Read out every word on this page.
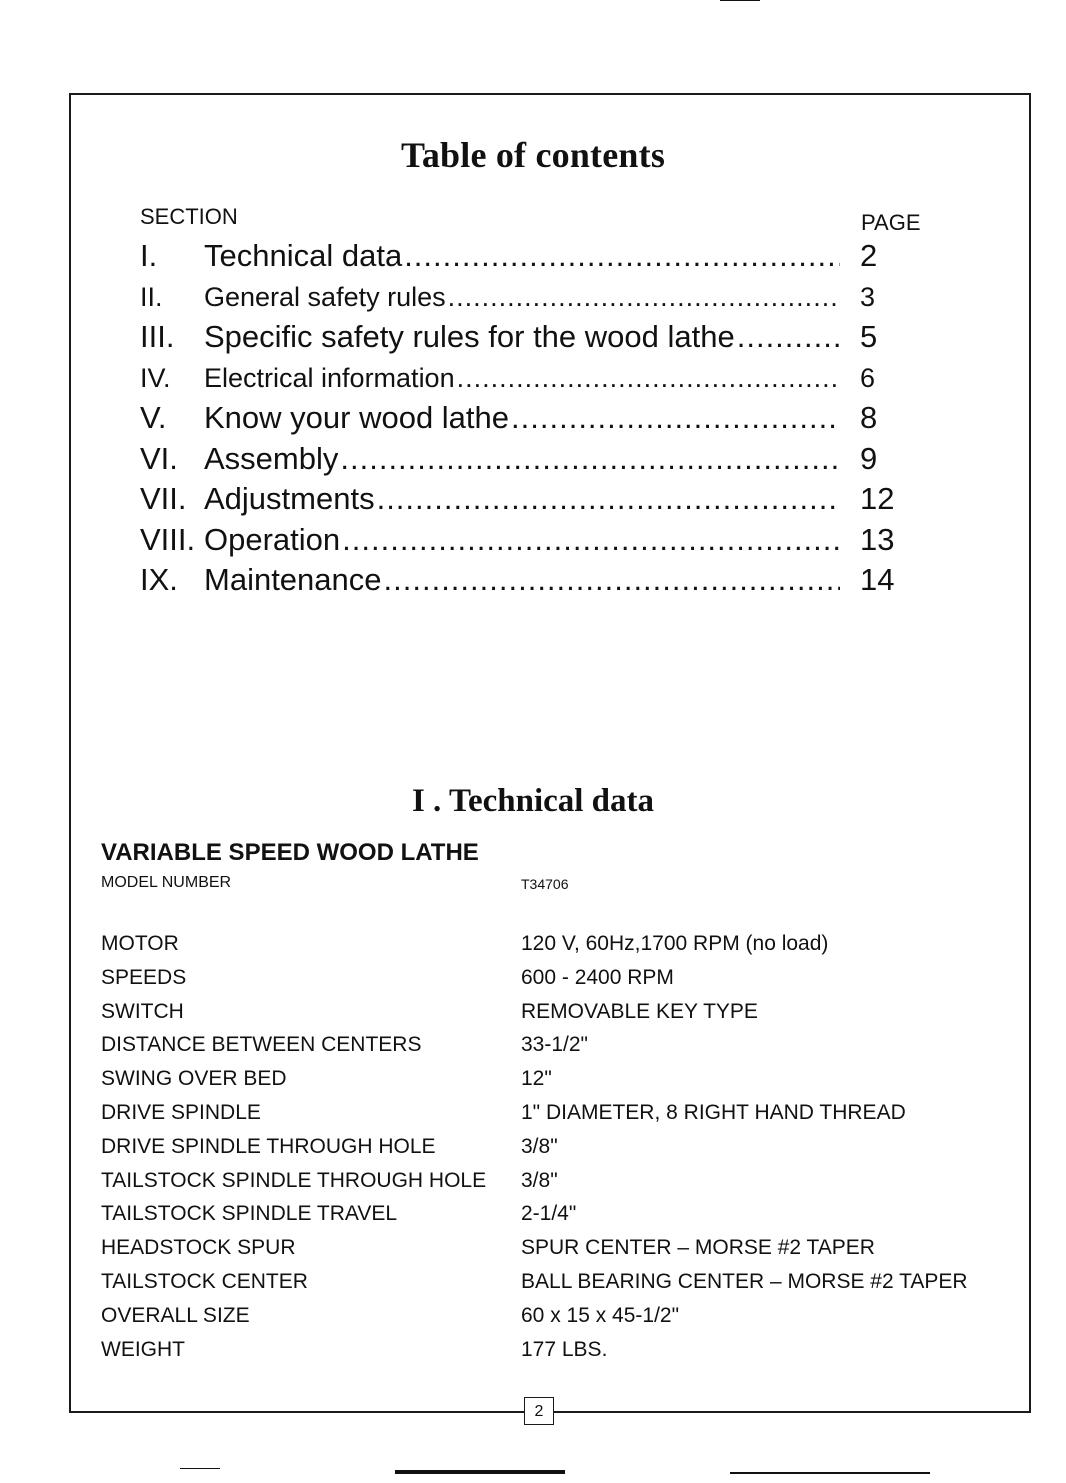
Table of contents
SECTION	PAGE
I. Technical data .....	2
II. General safety rules .....	3
III. Specific safety rules for the wood lathe .....	5
IV. Electrical information .....	6
V. Know your wood lathe .....	8
VI. Assembly .....	9
VII. Adjustments .....	12
VIII. Operation .....	13
IX. Maintenance .....	14
I . Technical data
VARIABLE SPEED WOOD LATHE
MODEL NUMBER	T34706
MOTOR	120 V, 60Hz,1700 RPM (no load)
SPEEDS	600 - 2400 RPM
SWITCH	REMOVABLE KEY TYPE
DISTANCE BETWEEN CENTERS	33-1/2"
SWING OVER BED	12"
DRIVE SPINDLE	1" DIAMETER, 8 RIGHT HAND THREAD
DRIVE SPINDLE THROUGH HOLE	3/8"
TAILSTOCK SPINDLE THROUGH HOLE 3/8"
TAILSTOCK SPINDLE TRAVEL	2-1/4"
HEADSTOCK SPUR	SPUR CENTER – MORSE #2 TAPER
TAILSTOCK CENTER	BALL BEARING CENTER – MORSE #2 TAPER
OVERALL SIZE	60 x 15 x 45-1/2"
WEIGHT	177 LBS.
2
